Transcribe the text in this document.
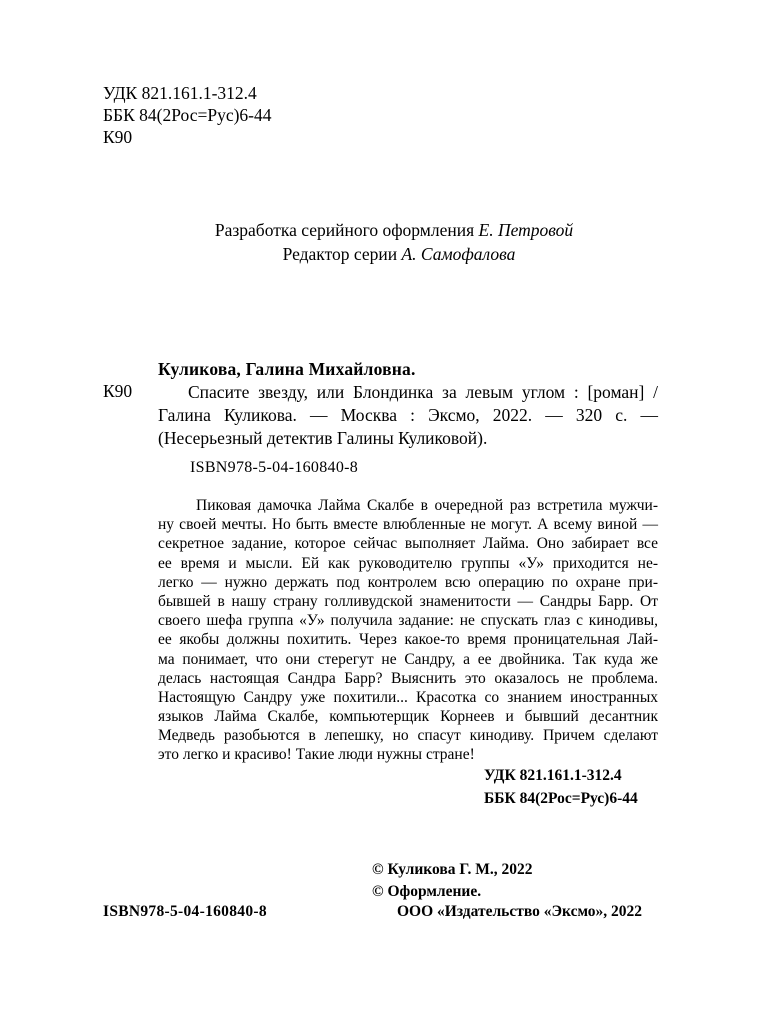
УДК 821.161.1-312.4
ББК 84(2Рос=Рус)6-44
К90
Разработка серийного оформления Е. Петровой
Редактор серии А. Самофалова
Куликова, Галина Михайловна.
К90	Спасите звезду, или Блондинка за левым углом : [роман] /
Галина Куликова. — Москва : Эксмо, 2022. — 320 с. —
(Несерьезный детектив Галины Куликовой).
ISBN978-5-04-160840-8
Пиковая дамочка Лайма Скалбе в очередной раз встретила мужчи-
ну своей мечты. Но быть вместе влюбленные не могут. А всему виной —
секретное задание, которое сейчас выполняет Лайма. Оно забирает все
ее время и мысли. Ей как руководителю группы «У» приходится не-
легко — нужно держать под контролем всю операцию по охране при-
бывшей в нашу страну голливудской знаменитости — Сандры Барр. От
своего шефа группа «У» получила задание: не спускать глаз с кинодивы,
ее якобы должны похитить. Через какое-то время проницательная Лай-
ма понимает, что они стерегут не Сандру, а ее двойника. Так куда же
делась настоящая Сандра Барр? Выяснить это оказалось не проблема.
Настоящую Сандру уже похитили... Красотка со знанием иностранных
языков Лайма Скалбе, компьютерщик Корнеев и бывший десантник
Медведь разобьются в лепешку, но спасут кинодиву. Причем сделают
это легко и красиво! Такие люди нужны стране!
УДК 821.161.1-312.4
ББК 84(2Рос=Рус)6-44
© Куликова Г. М., 2022
© Оформление.
ISBN978-5-04-160840-8	ООО «Издательство «Эксмо», 2022
